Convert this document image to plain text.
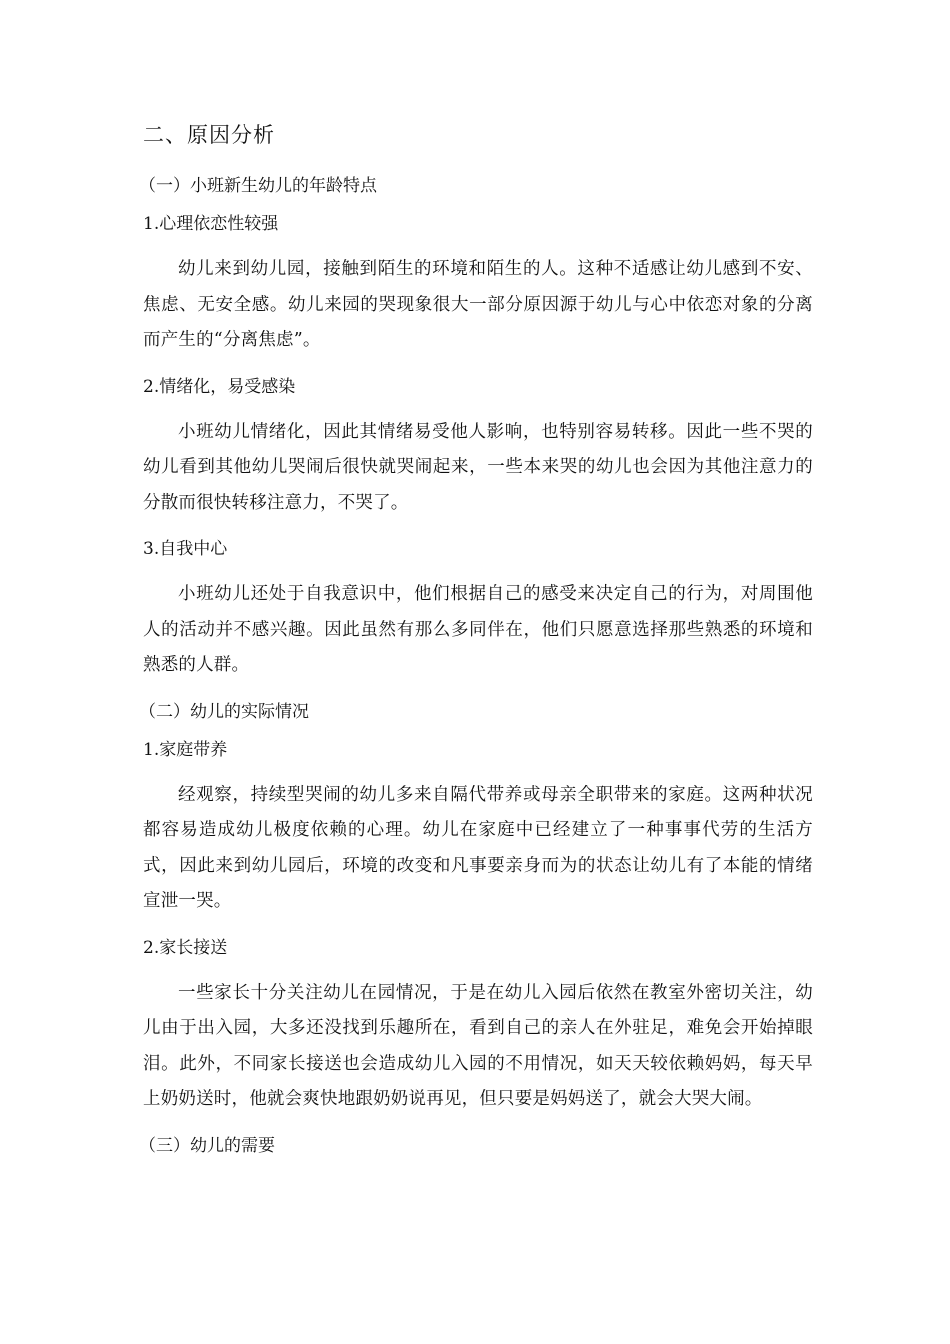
二、原因分析
（一）小班新生幼儿的年龄特点
1.心理依恋性较强
幼儿来到幼儿园，接触到陌生的环境和陌生的人。这种不适感让幼儿感到不安、焦虑、无安全感。幼儿来园的哭现象很大一部分原因源于幼儿与心中依恋对象的分离而产生的“分离焦虑”。
2.情绪化，易受感染
小班幼儿情绪化，因此其情绪易受他人影响，也特别容易转移。因此一些不哭的幼儿看到其他幼儿哭闹后很快就哭闹起来，一些本来哭的幼儿也会因为其他注意力的分散而很快转移注意力，不哭了。
3.自我中心
小班幼儿还处于自我意识中，他们根据自己的感受来决定自己的行为，对周围他人的活动并不感兴趣。因此虽然有那么多同伴在，他们只愿意选择那些熟悉的环境和熟悉的人群。
（二）幼儿的实际情况
1.家庭带养
经观察，持续型哭闹的幼儿多来自隔代带养或母亲全职带来的家庭。这两种状况都容易造成幼儿极度依赖的心理。幼儿在家庭中已经建立了一种事事代劳的生活方式，因此来到幼儿园后，环境的改变和凡事要亲身而为的状态让幼儿有了本能的情绪宣泄一哭。
2.家长接送
一些家长十分关注幼儿在园情况，于是在幼儿入园后依然在教室外密切关注，幼儿由于出入园，大多还没找到乐趣所在，看到自己的亲人在外驻足，难免会开始掉眼泪。此外，不同家长接送也会造成幼儿入园的不用情况，如天天较依赖妈妈，每天早上奶奶送时，他就会爽快地跟奶奶说再见，但只要是妈妈送了，就会大哭大闹。
（三）幼儿的需要
